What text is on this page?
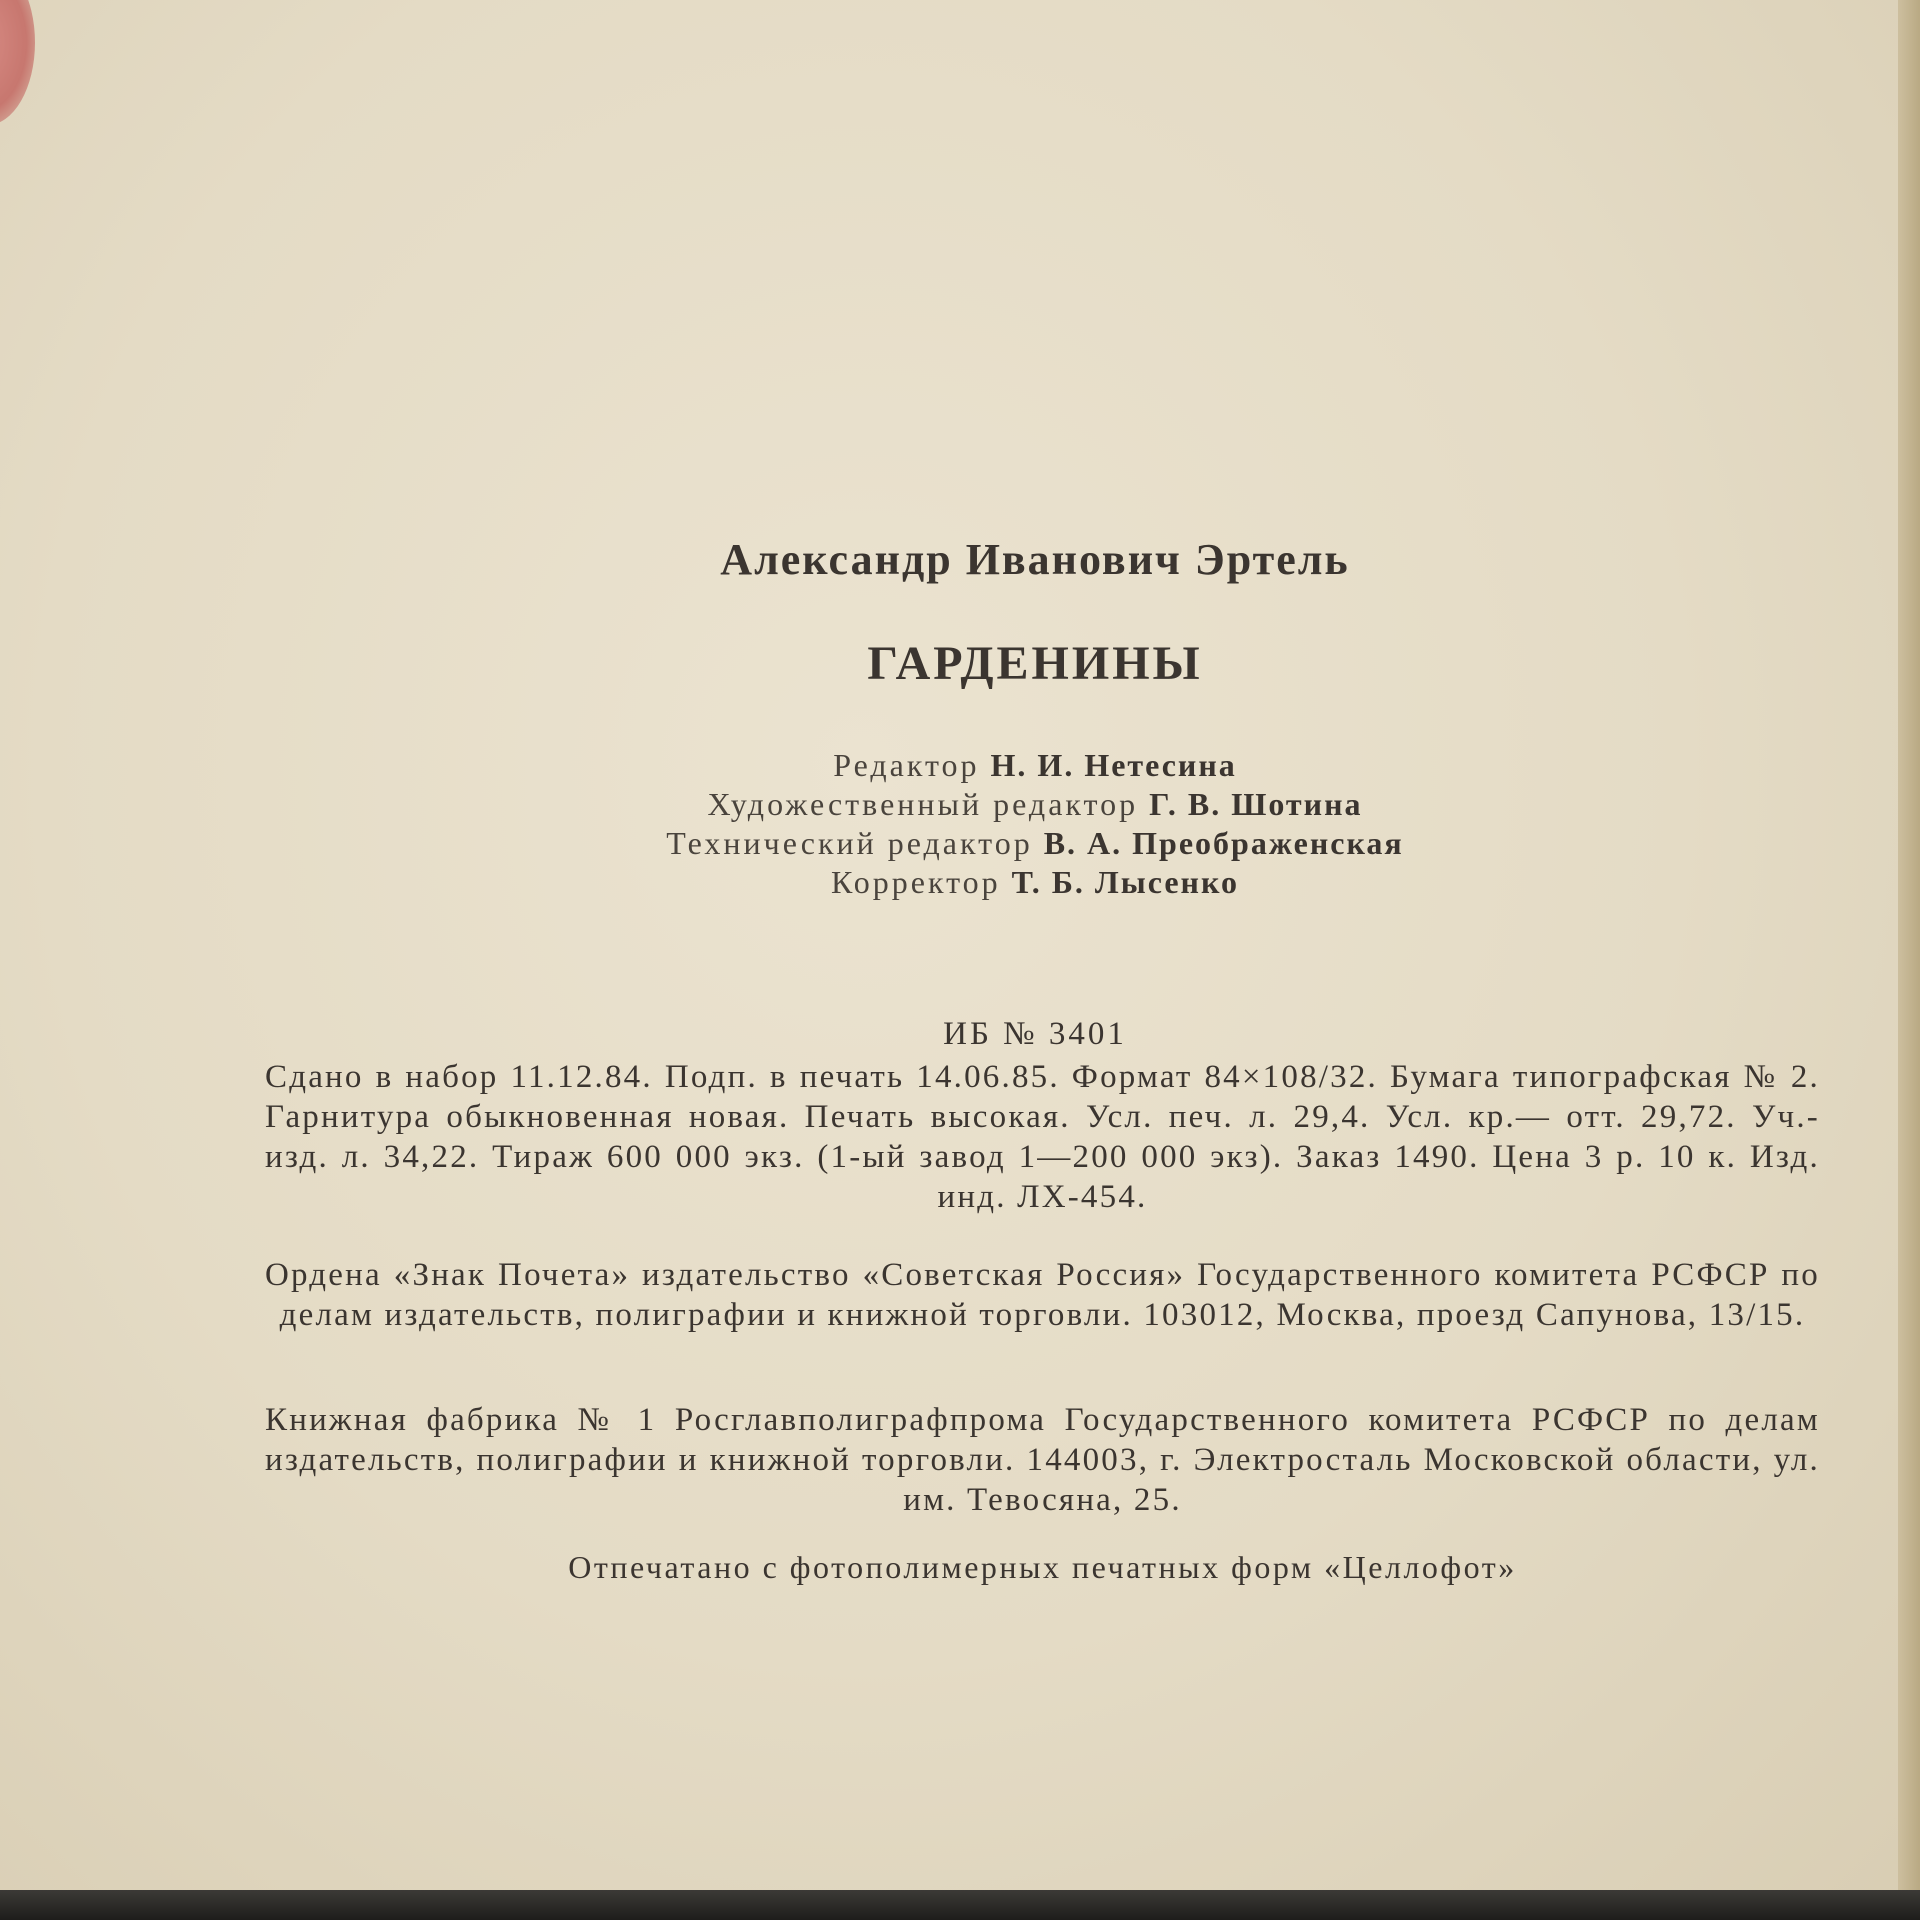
Александр Иванович Эртель
ГАРДЕНИНЫ
Редактор Н. И. Нетесина
Художественный редактор Г. В. Шотина
Технический редактор В. А. Преображенская
Корректор Т. Б. Лысенко
ИБ № 3401
Сдано в набор 11.12.84. Подп. в печать 14.06.85. Формат 84×108/32. Бумага типографская № 2. Гарнитура обыкновенная новая. Печать высокая. Усл. печ. л. 29,4. Усл. кр.— отт. 29,72. Уч.-изд. л. 34,22. Тираж 600 000 экз. (1-ый завод 1—200 000 экз). Заказ 1490. Цена 3 р. 10 к. Изд. инд. ЛХ-454.
Ордена «Знак Почета» издательство «Советская Россия» Государственного комитета РСФСР по делам издательств, полиграфии и книжной торговли. 103012, Москва, проезд Сапунова, 13/15.
Книжная фабрика № 1 Росглавполиграфпрома Государственного комитета РСФСР по делам издательств, полиграфии и книжной торговли. 144003, г. Электросталь Московской области, ул. им. Тевосяна, 25.
Отпечатано с фотополимерных печатных форм «Целлофот»
